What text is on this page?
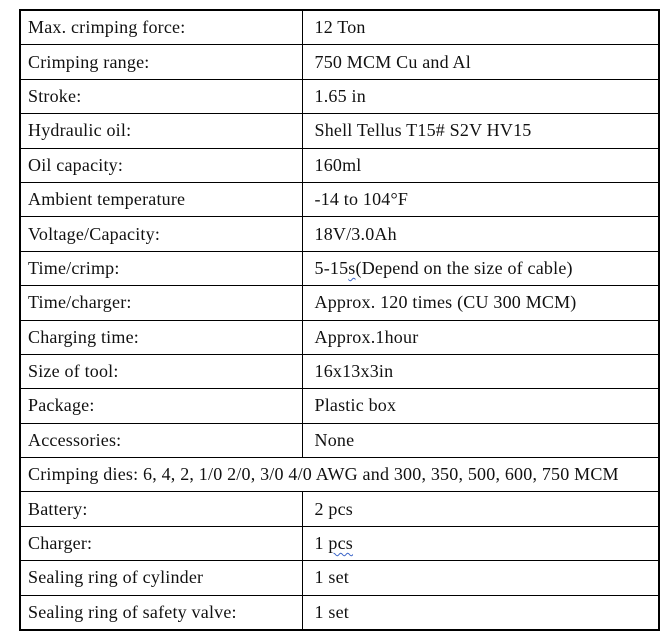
Max. crimping force:	12 Ton
Crimping range:	750 MCM Cu and Al
Stroke:	1.65 in
Hydraulic oil:	Shell Tellus T15# S2V HV15
Oil capacity:	160ml
Ambient temperature	-14 to 104°F
Voltage/Capacity:	18V/3.0Ah
Time/crimp:	5-15s(Depend on the size of cable)
Time/charger:	Approx. 120 times (CU 300 MCM)
Charging time:	Approx.1hour
Size of tool:	16x13x3in
Package:	Plastic box
Accessories:	None
Crimping dies: 6, 4, 2, 1/0 2/0, 3/0 4/0 AWG and 300, 350, 500, 600, 750 MCM	
Battery:	2 pcs
Charger:	1 pcs
Sealing ring of cylinder	1 set
Sealing ring of safety valve:	1 set
